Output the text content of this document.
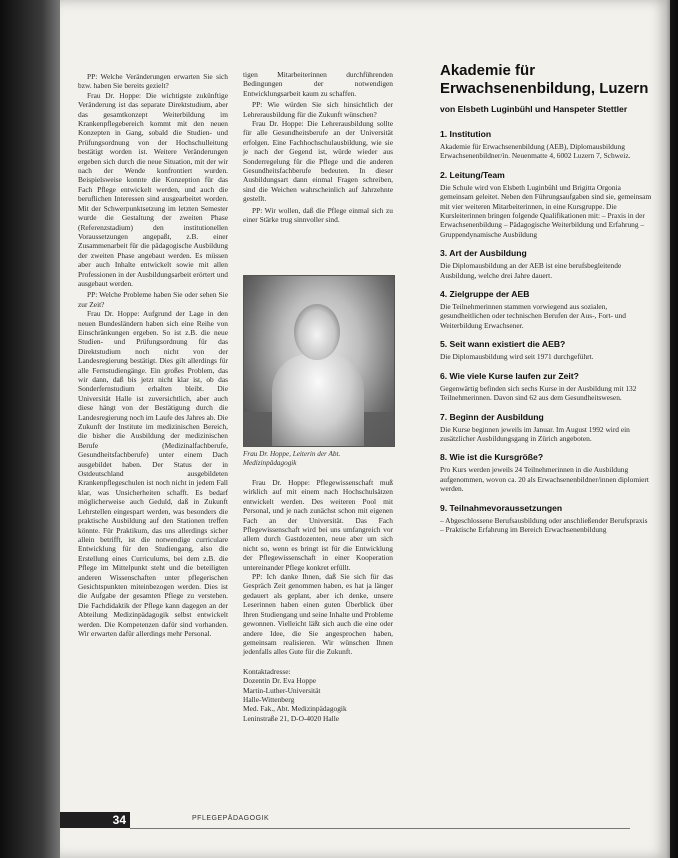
PP: Welche Veränderungen erwarten Sie sich bzw. haben Sie bereits gezielt?

Frau Dr. Hoppe: Die wichtigste zukünftige Veränderung ist das separate Direktstudium, aber das gesamtkonzept Weiterbildung im Krankenpflegebereich kommt mit den neuen Konzepten in Gang, sobald die Studien- und Prüfungsordnung von der Hochschulleitung bestätigt worden ist. Weitere Veränderungen ergeben sich durch die neue Situation, mit der wir nach der Wende konfrontiert wurden. Beispielsweise konnte die Konzeption für das Fach Pflege entwickelt werden, und auch die beruflichen Interessen sind ausgearbeitet worden. Mit der Schwerpunktsetzung im letzten Semester wurde die Gestaltung der zweiten Phase (Referenzstadium) den institutionellen Voraussetzungen angepaßt, z.B. einer Zusammenarbeit für die pädagogische Ausbildung der zweiten Phase angebaut werden. Es müssen aber auch Inhalte entwickelt sowie mit allen Professionen in der Ausbildungsarbeit erörtert und ausgebaut werden.

PP: Welche Probleme haben Sie oder sehen Sie zur Zeit?

Frau Dr. Hoppe: Aufgrund der Lage in den neuen Bundesländern haben sich eine Reihe von Einschränkungen ergeben. So ist z.B. die neue Studien- und Prüfungsordnung für das Direktstudium noch nicht von der Landesregierung bestätigt. Dies gilt allerdings für alle Fernstudiengänge. Ein großes Problem, das wir dann, daß bis jetzt nicht klar ist, ob das Sonderfernstudium erhalten bleibt. Die Universität Halle ist zuversichtlich, aber auch diese hängt von der Bestätigung durch die Landesregierung noch im Laufe des Jahres ab. Die Zukunft der Institute im medizinischen Bereich, die bisher die Ausbildung der medizinischen Berufe (Medizinalfachberufe, Gesundheitsfachberufe) unter einem Dach ausgebildet haben. Der Status der in Ostdeutschland ausgebildeten Krankenpflegeschulen ist noch nicht in jedem Fall klar, was Unsicherheiten schafft. Es bedarf möglicherweise auch Geduld, daß in Zukunft Lehrstellen eingespart werden, was besonders die praktische Ausbildung auf den Stationen treffen könnte. Für Praktikum, das uns allerdings sicher allein betrifft, ist die notwendige curriculare Entwicklung für den Studiengang, also die Erstellung eines Curriculums, bei dem z.B. die Pflege im Mittelpunkt steht und die beteiligten anderen Wissenschaften unter pflegerischen Gesichtspunkten miteinbezogen werden. Dies ist die Aufgabe der gesamten Pflege zu verstehen. Die Fachdidaktik der Pflege kann dagegen an der Abteilung Medizinpädagogik selbst entwickelt werden. Die Kompetenzen dafür sind vorhanden. Wir erwarten dafür allerdings mehr Personal.

tigen Mitarbeiterinnen durchführenden Bedingungen der notwendigen Entwicklungsarbeit kaum zu schaffen.

PP: Wie würden Sie sich hinsichtlich der Lehrerausbildung für die Zukunft wünschen?

Frau Dr. Hoppe: Die Lehrerausbildung sollte für alle Gesundheitsberufe an der Universität erfolgen. Eine Fachhochschulausbildung, wie sie je nach der Gegend ist, würde wieder aus Sonderregelung für die Pflege und die anderen Gesundheitsfachberufe bedeuten. In dieser Ausbildungsart dann einmal Fragen schreiben, sind die Weichen wahrscheinlich auf Jahrzehnte gestellt.

PP: Wir wollen, daß die Pflege einmal sich zu einer Stärke trug sinnvoller sind.

Frau Dr. Hoppe, Leiterin der Abt. Medizinpädagogik

Frau Dr. Hoppe: Pflegewissenschaft muß wirklich auf mit einem nach Hochschulsätzen entwickelt werden. Des weiteren Pool mit Personal, und je nach zunächst schon mit eigenen Fach an der Universität. Das Fach Pflegewissenschaft wird bei uns umfangreich vor allem durch Gastdozenten, neue aber um sich nicht so, wenn es bringt ist für die Entwicklung der Pflegewissenschaft in einer Kooperation untereinander Pflege konkret erfüllt.

PP: Ich danke Ihnen, daß Sie sich für das Gespräch Zeit genommen haben, es hat ja länger gedauert als geplant, aber ich denke, unsere Leserinnen haben einen guten Überblick über Ihren Studiengang und seine Inhalte und Probleme gewonnen. Vielleicht läßt sich auch die eine oder andere Idee, die Sie angesprochen haben, gemeinsam realisieren. Wir wünschen Ihnen jedenfalls alles Gute für die Zukunft.

Kontaktadresse:
Dozentin Dr. Eva Hoppe
Martin-Luther-Universität
Halle-Wittenberg
Med. Fak., Abt. Medizinpädagogik
Leninstraße 21, D-O-4020 Halle
Akademie für Erwachsenenbildung, Luzern
von Elsbeth Luginbühl und Hanspeter Stettler
1. Institution
Akademie für Erwachsenenbildung (AEB), Diplomausbildung Erwachsenenbildner/in. Neuenmatte 4, 6002 Luzern 7, Schweiz.
2. Leitung/Team
Die Schule wird von Elsbeth Luginbühl und Brigitta Orgonia gemeinsam geleitet. Neben den Führungsaufgaben sind sie, gemeinsam mit vier weiteren Mitarbeiterinnen, in eine Kursgruppe. Die Kursleiterinnen bringen folgende Qualifikationen mit: – Praxis in der Erwachsenenbildung – Pädagogische Weiterbildung und Erfahrung – Gruppendynamische Ausbildung
3. Art der Ausbildung
Die Diplomausbildung an der AEB ist eine berufsbegleitende Ausbildung, welche drei Jahre dauert.
4. Zielgruppe der AEB
Die Teilnehmerinnen stammen vorwiegend aus sozialen, gesundheitlichen oder technischen Berufen der Aus-, Fort- und Weiterbildung Erwachsener.
5. Seit wann existiert die AEB?
Die Diplomausbildung wird seit 1971 durchgeführt.
6. Wie viele Kurse laufen zur Zeit?
Gegenwärtig befinden sich sechs Kurse in der Ausbildung mit 132 Teilnehmerinnen. Davon sind 62 aus dem Gesundheitswesen.
7. Beginn der Ausbildung
Die Kurse beginnen jeweils im Januar. Im August 1992 wird ein zusätzlicher Ausbildungsgang in Zürich angeboten.
8. Wie ist die Kursgröße?
Pro Kurs werden jeweils 24 Teilnehmerinnen in die Ausbildung aufgenommen, wovon ca. 20 als Erwachsenenbildner/innen diplomiert werden.
9. Teilnahmevoraussetzungen
– Abgeschlossene Berufsausbildung oder anschließender Berufspraxis – Praktische Erfahrung im Bereich Erwachsenenbildung
34	PFLEGEPÄDAGOGIK
